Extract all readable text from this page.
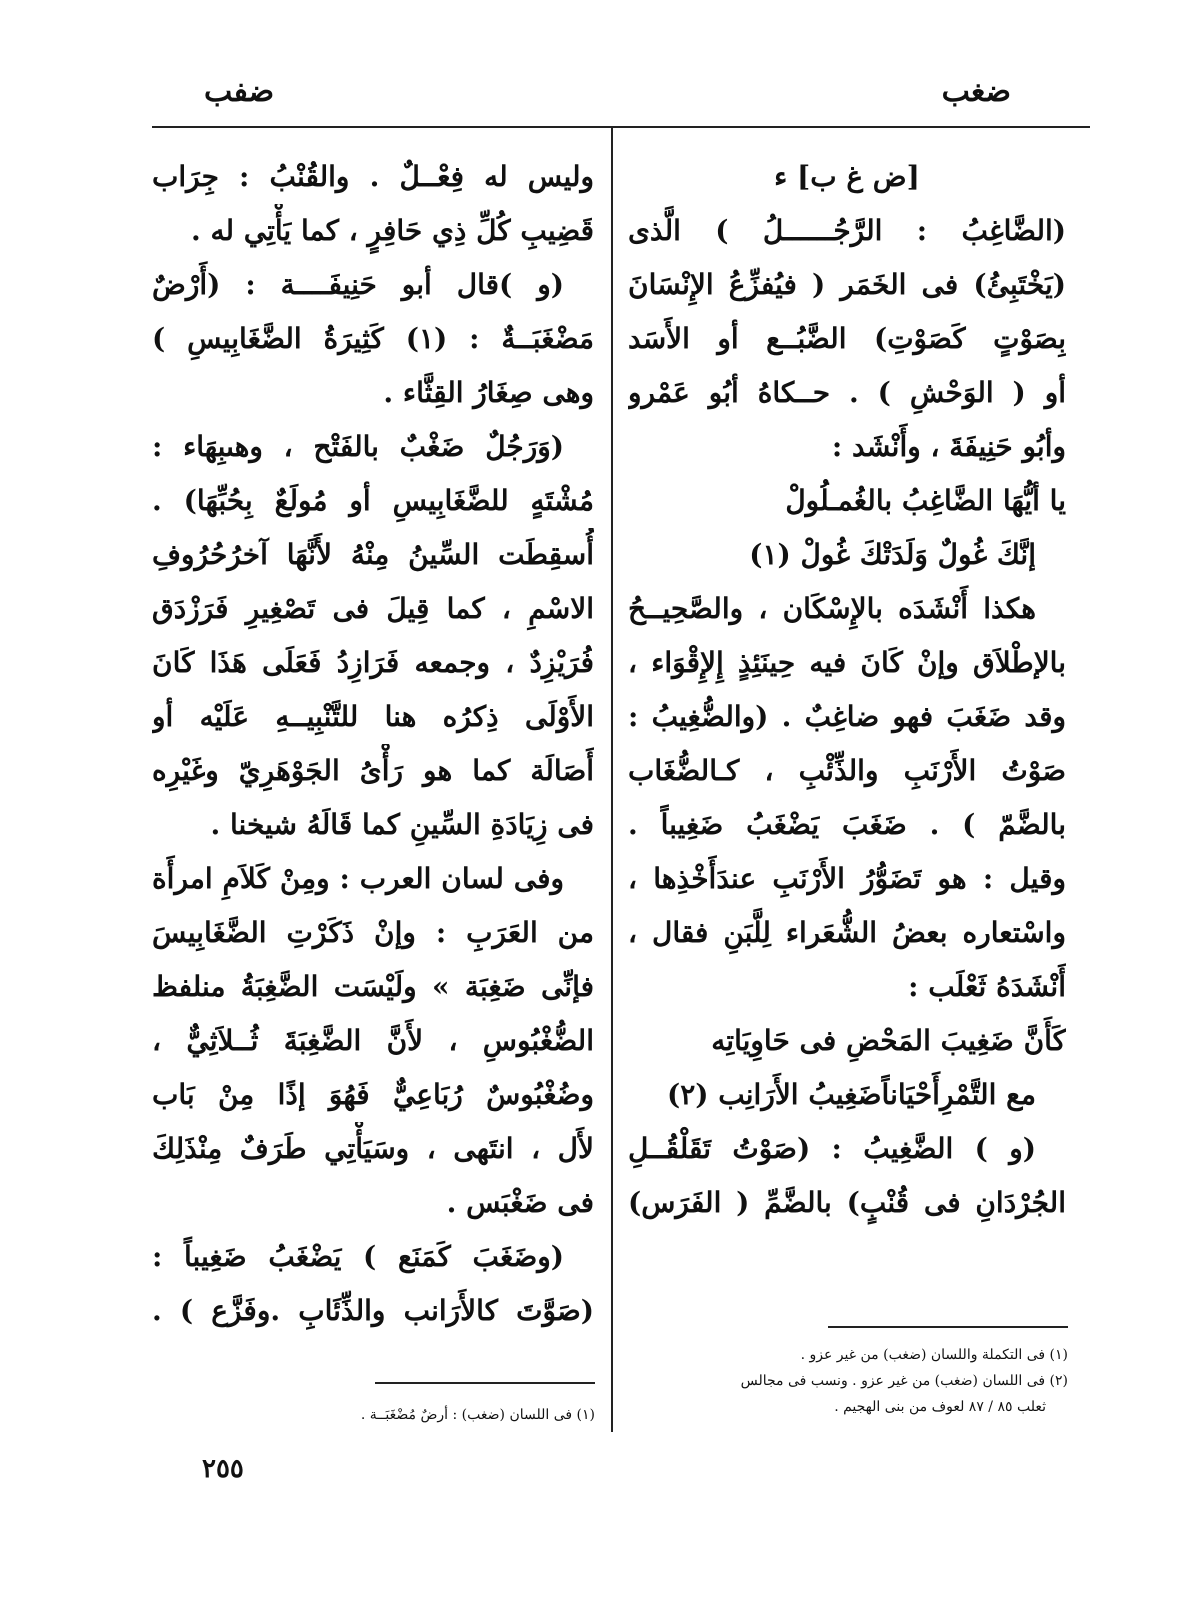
ضغب
ضفب
[ض غ ب] ء
(الضَّاغِبُ : الرَّجُــــــلُ ) الَّذى
(يَخْتَبِئُ) فى الخَمَر ( فيُفزِّعُ الإِنْسَانَ
بِصَوْتٍ كَصَوْتِ) الضَّبُــع أو الأَسَد
أو ( الوَحْشِ ) . حــكاهُ أبُو عَمْرو
وأبُو حَنِيفَةَ ، وأَنْشَد :
يا أيُّهَا الضَّاغِبُ بالغُمـلُولْ
إنَّكَ غُولٌ وَلَدَتْكَ غُولْ (١)
هكذا أَنْشَدَه بالإِسْكَان ، والصَّحِيــحُ
بالإطْلاَق وإنْ كَانَ فيه حِينَئِذٍ إِلإِقْوَاء ،
وقد ضَغَبَ فهو ضاغِبٌ . (والضُّغِيبُ :
صَوْتُ الأَرْنَبِ والذِّئْبِ ، كـالضُّغَاب
بالضَّمّ ) . ضَغَبَ يَضْغَبُ ضَغِيباً .
وقيل : هو تَضَوُّرُ الأَرْنَبِ عندَأَخْذِها ،
واسْتعاره بعضُ الشُّعَراء لِلَّبَنِ فقال ،
أَنْشَدَهُ ثَعْلَب :
كَأَنَّ ضَغِيبَ المَحْضِ فى حَاوِيَاتِه
مع التَّمْرِأَحْيَاناًضَغِيبُ الأَرَانِب (٢)
(و ) الضَّغِيبُ : (صَوْتُ تَقَلْقُــلِ
الجُرْدَانِ فى قُنْبٍ) بالضَّمِّ ( الفَرَس)
(١) فى التكملة واللسان (ضغب) من غير عزو .
(٢) فى اللسان (ضغب) من غير عزو . ونسب فى مجالس
ثعلب ٨٥ / ٨٧ لعوف من بنى الهجيم .
وليس له فِعْــلٌ . والقُنْبُ : جِرَاب
قَضِيبِ كُلِّ ذِي حَافِرٍ ، كما يَأْتِي له .
(و )قال أبو حَنِيفَــــة : (أَرْضٌ
مَضْغَبَــةٌ : (١) كَثِيرَةُ الضَّغَابِيسِ )
وهى صِغَارُ القِثَّاء .
(وَرَجُلٌ ضَغْبٌ بالفَتْح ، وهىبِهَاء :
مُشْتَهٍ للضَّغَابِيسِ أو مُولَعٌ بِحُبِّهَا) .
أُسقِطَت السِّينُ مِنْهُ لأَنَّهَا آخرُحُرُوفِ
الاسْمِ ، كما قِيلَ فى تَصْغِيرِ فَرَزْدَق
فُرَيْزِدٌ ، وجمعه فَرَازِدُ فَعَلَى هَذَا كَانَ
الأَوْلَى ذِكرُه هنا للتَّنْبِيــهِ عَلَيْه أو
أَصَالَة كما هو رَأْىُ الجَوْهَرِيّ وغَيْرِه
فى زِيَادَةِ السِّينِ كما قَالَهُ شيخنا .
وفى لسان العرب : ومِنْ كَلاَمِ امرأَة
من العَرَبِ : وإنْ ذَكَرْتِ الضَّغَابِيسَ
فإنِّى ضَغِبَة » ولَيْسَت الضَّغِبَةُ منلفظ
الضُّغْبُوسِ ، لأَنَّ الضَّغِبَةَ ثُــلاَثِيٌّ ،
وضُغْبُوسٌ رُبَاعِيٌّ فَهُوَ إذًا مِنْ بَاب
لأَل ، انتَهى ، وسَيَأْتِي طَرَفٌ مِنْذَلِكَ
فى ضَغْبَس .
(وضَغَبَ كَمَنَع ) يَضْغَبُ ضَغِيباً :
(صَوَّتَ كالأَرَانب والذِّئَابِ .وفَزَّع ) .
(١) فى اللسان (ضغب) : أرضٌ مُضْغَبَــة .
٢٥٥
